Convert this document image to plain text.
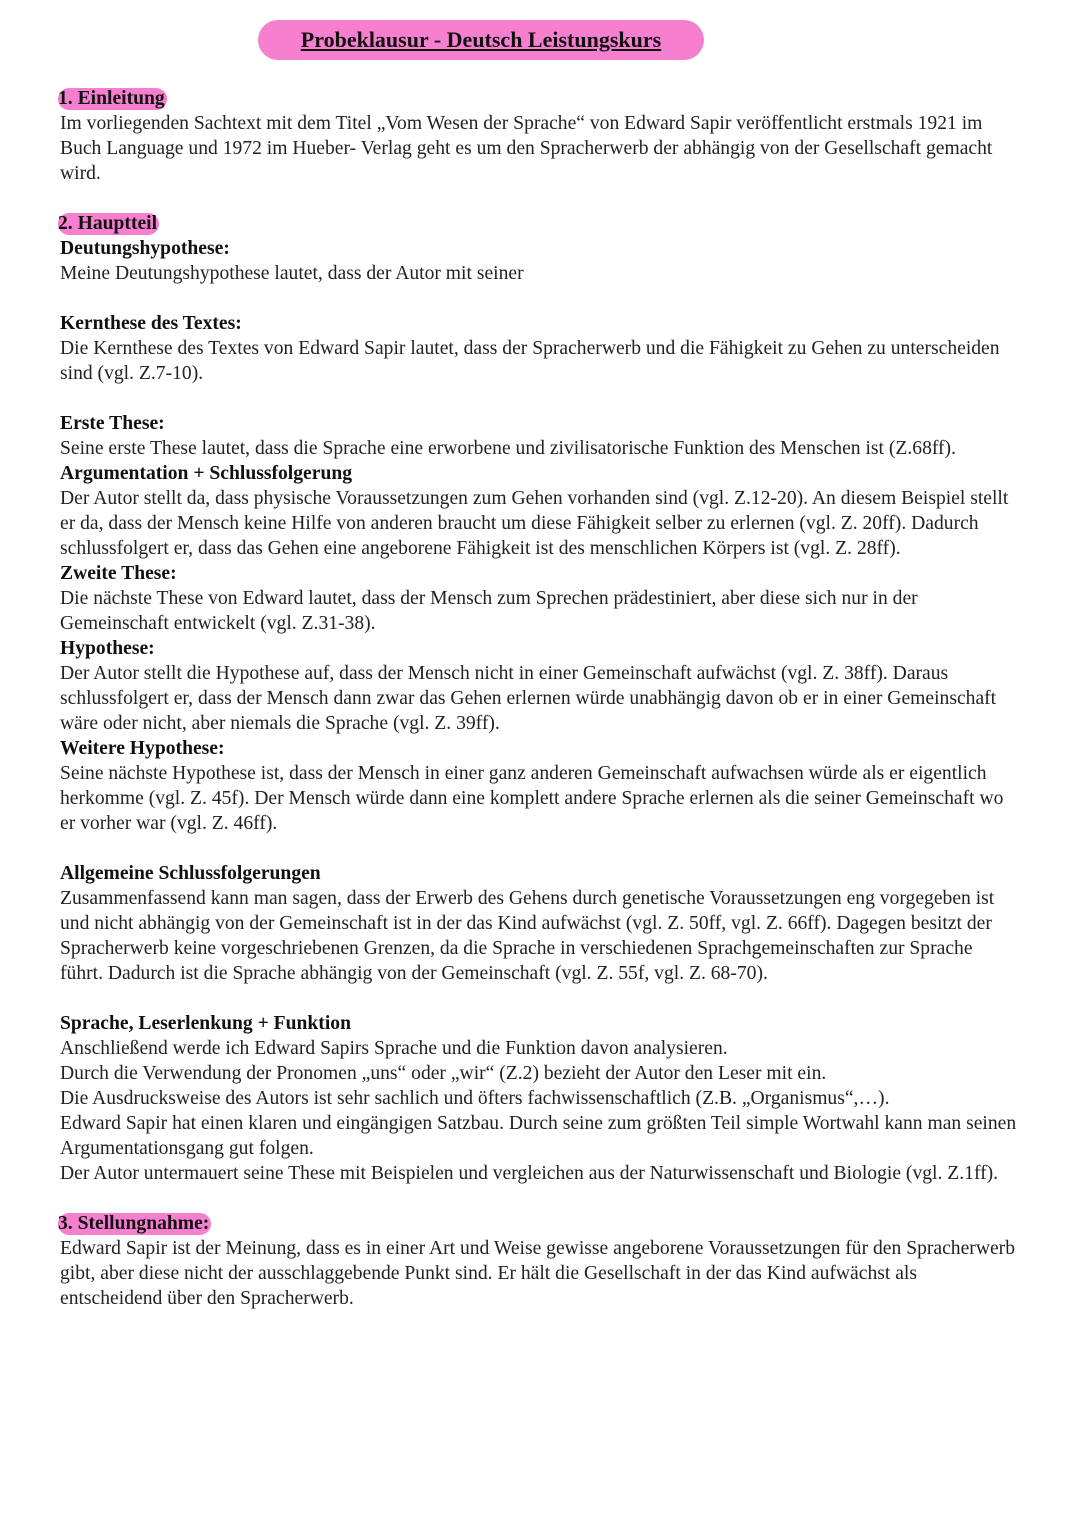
Probeklausur - Deutsch Leistungskurs
1. Einleitung

Im vorliegenden Sachtext mit dem Titel „Vom Wesen der Sprache“ von Edward Sapir veröffentlicht erstmals 1921 im Buch Language und 1972 im Hueber- Verlag geht es um den Spracherwerb der abhängig von der Gesellschaft gemacht wird.

2. Hauptteil

Deutungshypothese:

Meine Deutungshypothese lautet, dass der Autor mit seiner

Kernthese des Textes:

Die Kernthese des Textes von Edward Sapir lautet, dass der Spracherwerb und die Fähigkeit zu Gehen zu unterscheiden sind (vgl. Z.7-10).

Erste These:

Seine erste These lautet, dass die Sprache eine erworbene und zivilisatorische Funktion des Menschen ist (Z.68ff).

Argumentation + Schlussfolgerung

Der Autor stellt da, dass physische Voraussetzungen zum Gehen vorhanden sind (vgl. Z.12-20). An diesem Beispiel stellt er da, dass der Mensch keine Hilfe von anderen braucht um diese Fähigkeit selber zu erlernen (vgl. Z. 20ff). Dadurch schlussfolgert er, dass das Gehen eine angeborene Fähigkeit ist des menschlichen Körpers ist (vgl. Z. 28ff).

Zweite These:

Die nächste These von Edward lautet, dass der Mensch zum Sprechen prädestiniert, aber diese sich nur in der Gemeinschaft entwickelt (vgl. Z.31-38).

Hypothese:

Der Autor stellt die Hypothese auf, dass der Mensch nicht in einer Gemeinschaft aufwächst (vgl. Z. 38ff). Daraus schlussfolgert er, dass der Mensch dann zwar das Gehen erlernen würde unabhängig davon ob er in einer Gemeinschaft wäre oder nicht, aber niemals die Sprache (vgl. Z. 39ff).

Weitere Hypothese:

Seine nächste Hypothese ist, dass der Mensch in einer ganz anderen Gemeinschaft aufwachsen würde als er eigentlich herkomme (vgl. Z. 45f). Der Mensch würde dann eine komplett andere Sprache erlernen als die seiner Gemeinschaft wo er vorher war (vgl. Z. 46ff).

Allgemeine Schlussfolgerungen

Zusammenfassend kann man sagen, dass der Erwerb des Gehens durch genetische Voraussetzungen eng vorgegeben ist und nicht abhängig von der Gemeinschaft ist in der das Kind aufwächst (vgl. Z. 50ff, vgl. Z. 66ff). Dagegen besitzt der Spracherwerb keine vorgeschriebenen Grenzen, da die Sprache in verschiedenen Sprachgemeinschaften zur Sprache führt. Dadurch ist die Sprache abhängig von der Gemeinschaft (vgl. Z. 55f, vgl. Z. 68-70).

Sprache, Leserlenkung + Funktion

Anschließend werde ich Edward Sapirs Sprache und die Funktion davon analysieren.

Durch die Verwendung der Pronomen „uns“ oder „wir“ (Z.2) bezieht der Autor den Leser mit ein.

Die Ausdrucksweise des Autors ist sehr sachlich und öfters fachwissenschaftlich (Z.B. „Organismus“,…).

Edward Sapir hat einen klaren und eingängigen Satzbau. Durch seine zum größten Teil simple Wortwahl kann man seinen Argumentationsgang gut folgen.

Der Autor untermauert seine These mit Beispielen und vergleichen aus der Naturwissenschaft und Biologie (vgl. Z.1ff).

3. Stellungnahme:

Edward Sapir ist der Meinung, dass es in einer Art und Weise gewisse angeborene Voraussetzungen für den Spracherwerb gibt, aber diese nicht der ausschlaggebende Punkt sind. Er hält die Gesellschaft in der das Kind aufwächst als entscheidend über den Spracherwerb.
